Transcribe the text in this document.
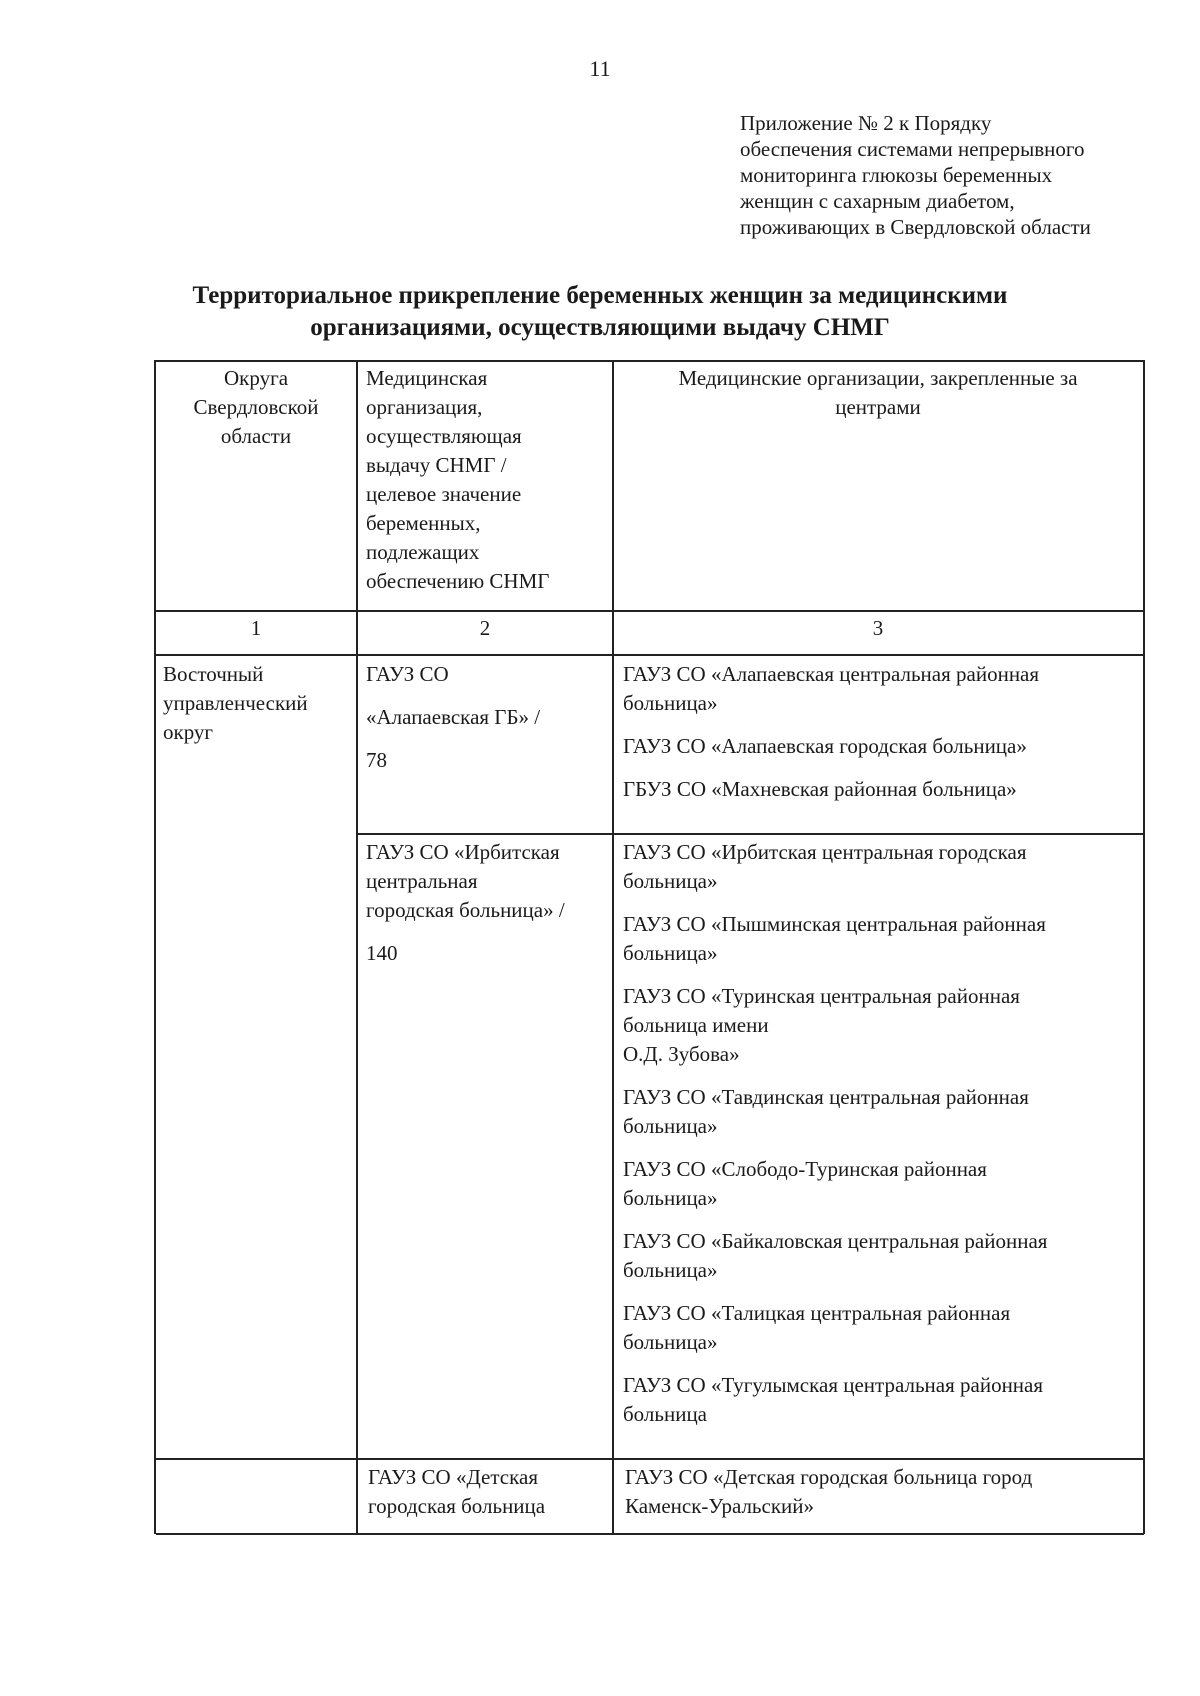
11
Приложение № 2 к Порядку
обеспечения системами непрерывного
мониторинга глюкозы беременных
женщин с сахарным диабетом,
проживающих в Свердловской области
Территориальное прикрепление беременных женщин за медицинскими
организациями, осуществляющими выдачу СНМГ
Округа
Свердловской
области
Медицинская
организация,
осуществляющая
выдачу СНМГ /
целевое значение
беременных,
подлежащих
обеспечению СНМГ
Медицинские организации, закрепленные за
центрами
1	2	3
Восточный
управленческий
округ
ГАУЗ СО
«Алапаевская ГБ» /
78
ГАУЗ СО «Алапаевская центральная районная
больница»
ГАУЗ СО «Алапаевская городская больница»
ГБУЗ СО «Махневская районная больница»
ГАУЗ СО «Ирбитская
центральная
городская больница» /
140
ГАУЗ СО «Ирбитская центральная городская
больница»
ГАУЗ СО «Пышминская центральная районная
больница»
ГАУЗ СО «Туринская центральная районная
больница имени
О.Д. Зубова»
ГАУЗ СО «Тавдинская центральная районная
больница»
ГАУЗ СО «Слободо-Туринская районная
больница»
ГАУЗ СО «Байкаловская центральная районная
больница»
ГАУЗ СО «Талицкая центральная районная
больница»
ГАУЗ СО «Тугулымская центральная районная
больница
ГАУЗ СО «Детская
городская больница
ГАУЗ СО «Детская городская больница город
Каменск-Уральский»
